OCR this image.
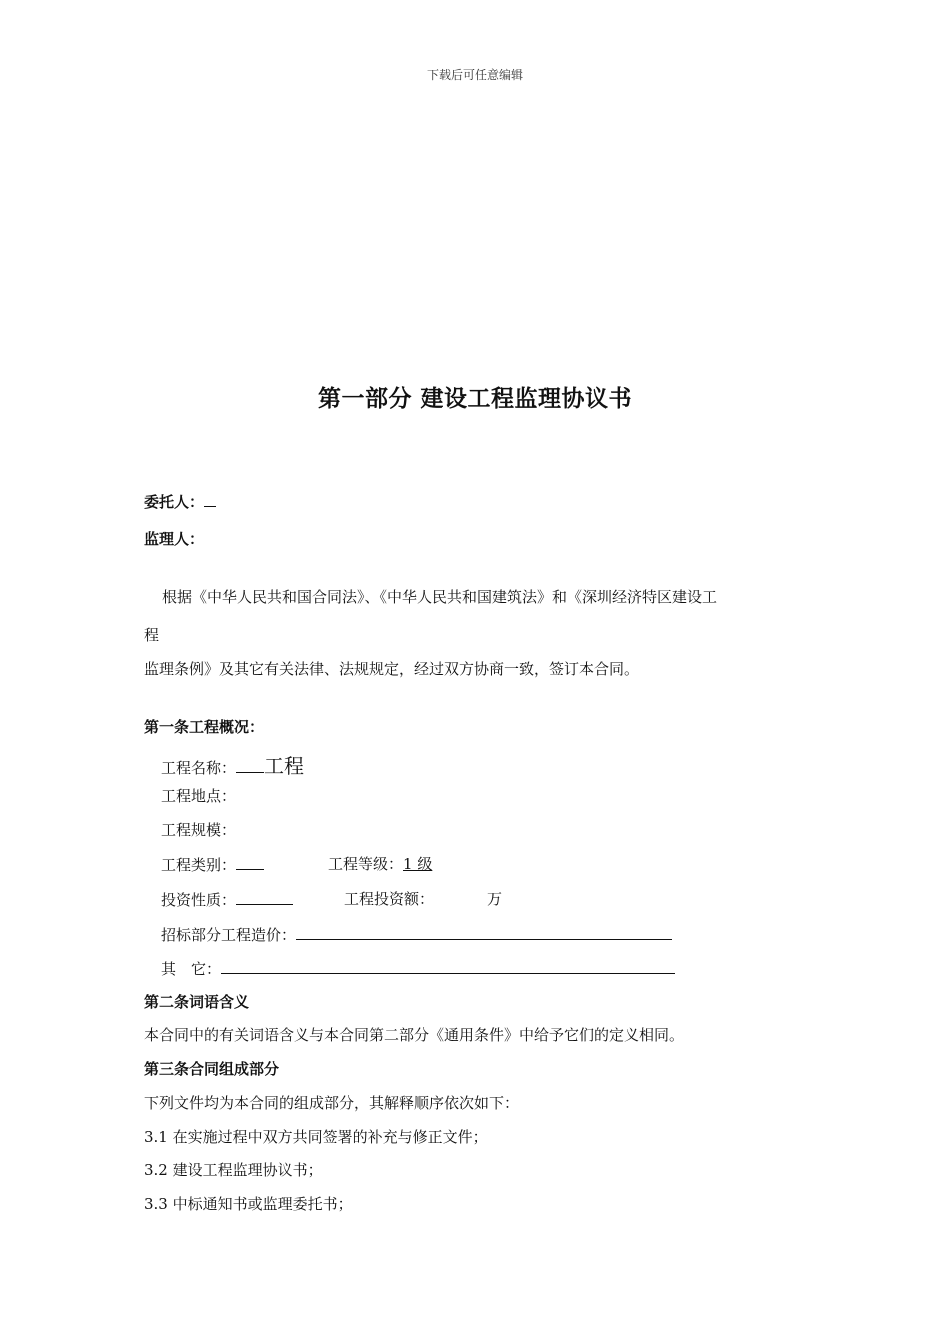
下载后可任意编辑
第一部分 建设工程监理协议书
委托人：
监理人：
根据《中华人民共和国合同法》、《中华人民共和国建筑法》和《深圳经济特区建设工
程
监理条例》及其它有关法律、法规规定，经过双方协商一致，签订本合同。
第一条工程概况：
工程名称： 工程
工程地点：
工程规模：
工程类别：	工程等级：1 级
投资性质：	工程投资额：	万
招标部分工程造价：
其　它：
第二条词语含义
本合同中的有关词语含义与本合同第二部分《通用条件》中给予它们的定义相同。
第三条合同组成部分
下列文件均为本合同的组成部分，其解释顺序依次如下：
3.1 在实施过程中双方共同签署的补充与修正文件；
3.2 建设工程监理协议书；
3.3 中标通知书或监理委托书；
